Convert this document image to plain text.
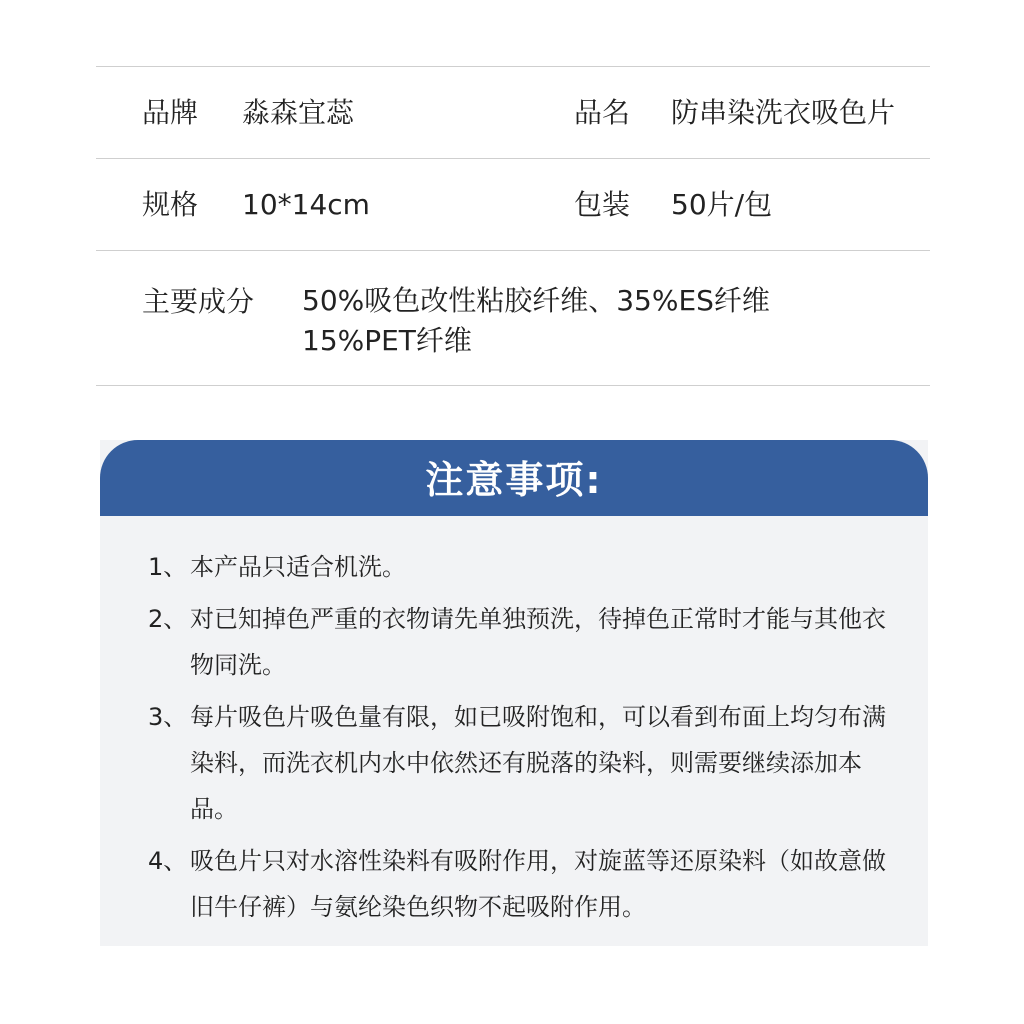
品牌 淼森宜蕊	品名 防串染洗衣吸色片
规格 10*14cm	包装 50片/包
主要成分 50%吸色改性粘胶纤维、35%ES纤维
15%PET纤维
注意事项:
1、 本产品只适合机洗。
2、 对已知掉色严重的衣物请先单独预洗，待掉色正常时才能与其他衣物同洗。
3、 每片吸色片吸色量有限，如已吸附饱和，可以看到布面上均匀布满染料，而洗衣机内水中依然还有脱落的染料，则需要继续添加本品。
4、 吸色片只对水溶性染料有吸附作用，对旋蓝等还原染料（如故意做旧牛仔裤）与氨纶染色织物不起吸附作用。
